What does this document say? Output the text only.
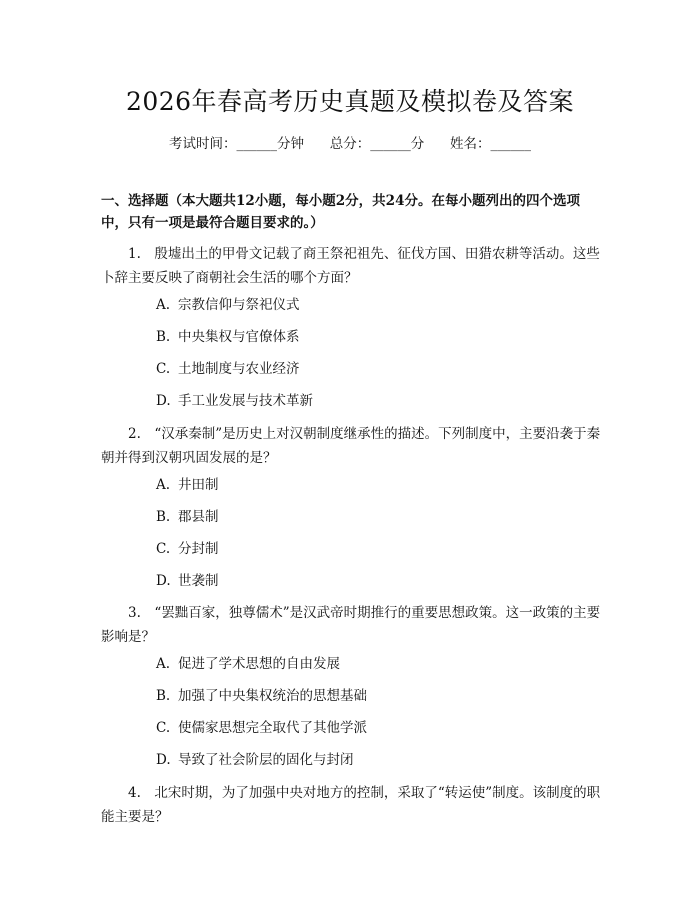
2026年春高考历史真题及模拟卷及答案
考试时间：______分钟      总分：______分      姓名：______
一、选择题（本大题共12小题，每小题2分，共24分。在每小题列出的四个选项中，只有一项是最符合题目要求的。）
1.　殷墟出土的甲骨文记载了商王祭祀祖先、征伐方国、田猎农耕等活动。这些卜辞主要反映了商朝社会生活的哪个方面？
A. 宗教信仰与祭祀仪式
B. 中央集权与官僚体系
C. 土地制度与农业经济
D. 手工业发展与技术革新
2.　“汉承秦制”是历史上对汉朝制度继承性的描述。下列制度中，主要沿袭于秦朝并得到汉朝巩固发展的是？
A. 井田制
B. 郡县制
C. 分封制
D. 世袭制
3.　“罢黜百家，独尊儒术”是汉武帝时期推行的重要思想政策。这一政策的主要影响是？
A. 促进了学术思想的自由发展
B. 加强了中央集权统治的思想基础
C. 使儒家思想完全取代了其他学派
D. 导致了社会阶层的固化与封闭
4.　北宋时期，为了加强中央对地方的控制，采取了“转运使”制度。该制度的职能主要是？
